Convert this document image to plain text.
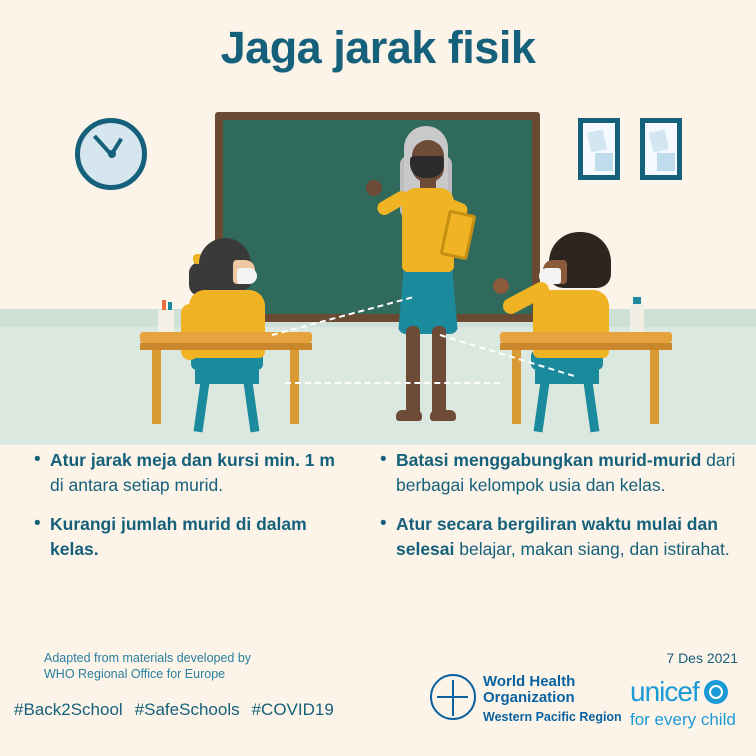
Jaga jarak fisik
• Atur jarak meja dan kursi min. 1 m di antara setiap murid.
• Kurangi jumlah murid di dalam kelas.
• Batasi menggabungkan murid-murid dari berbagai kelompok usia dan kelas.
• Atur secara bergiliran waktu mulai dan selesai belajar, makan siang, dan istirahat.
Adapted from materials developed by
WHO Regional Office for Europe
7 Des 2021
#Back2School #SafeSchools #COVID19
World Health
Organization
Western Pacific Region
unicef
for every child
